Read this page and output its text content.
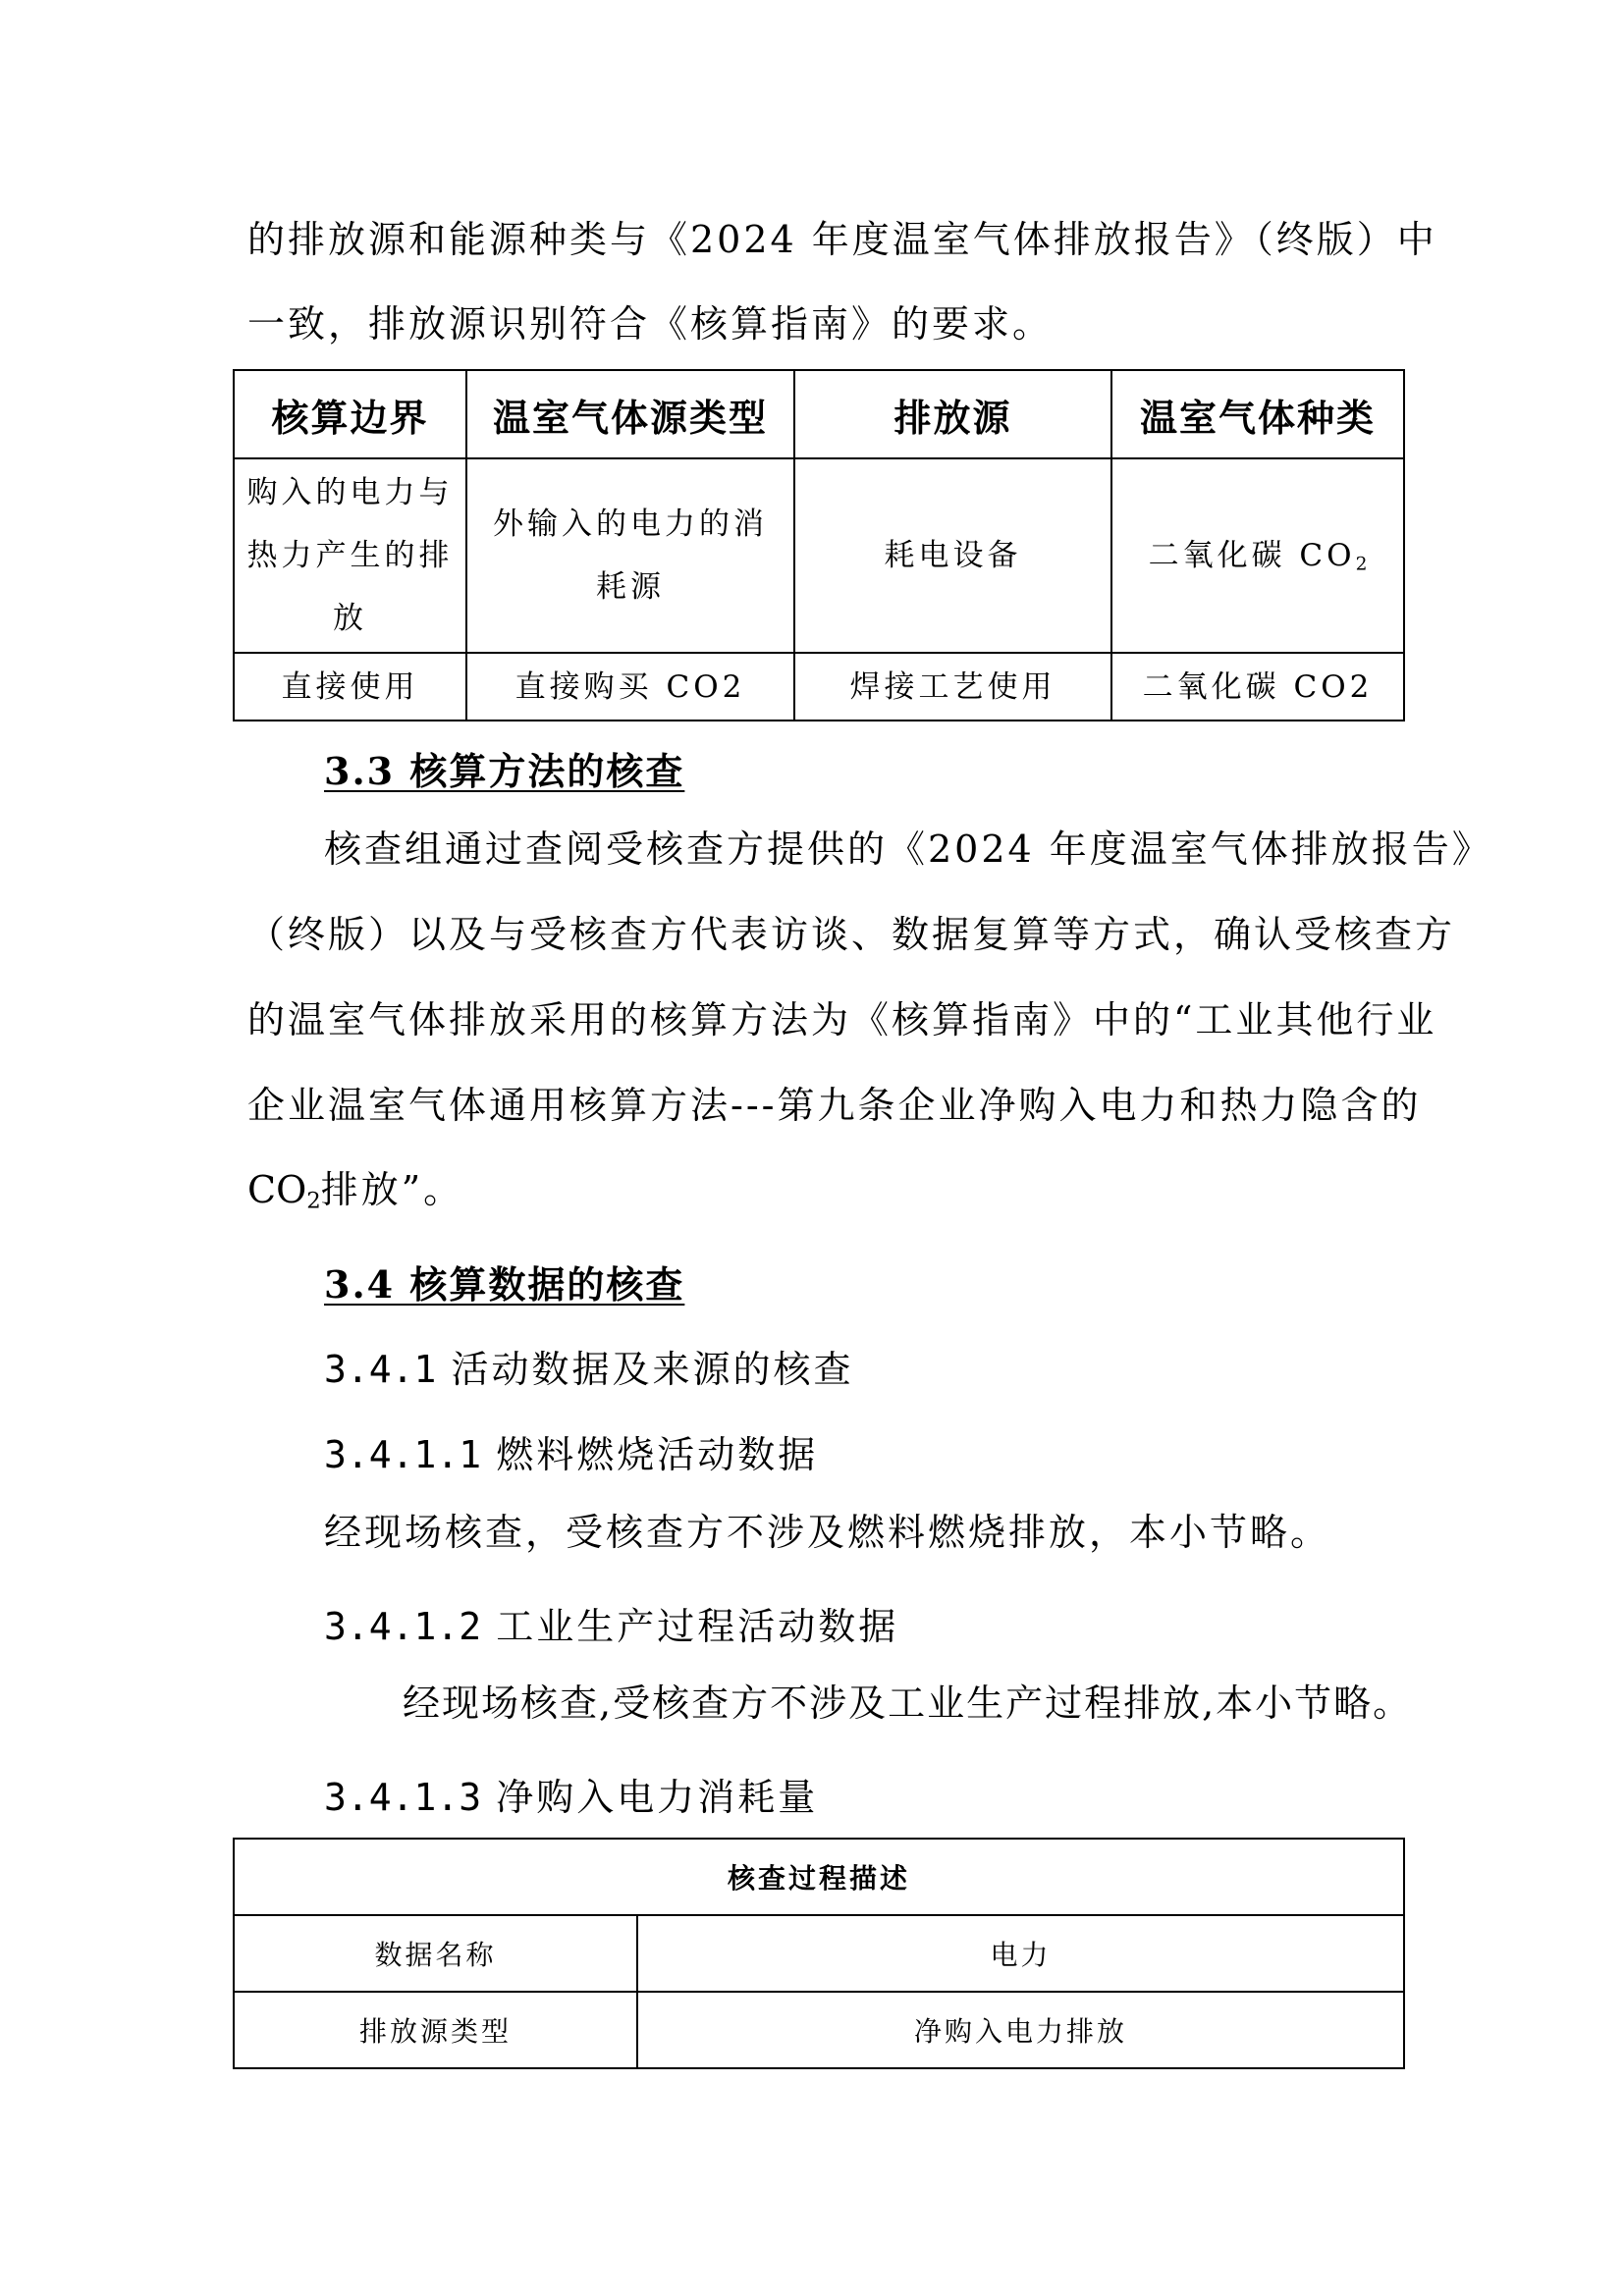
的排放源和能源种类与《2024 年度温室气体排放报告》（终版）中

一致，排放源识别符合《核算指南》的要求。

核算边界	温室气体源类型	排放源	温室气体种类
购入的电力与热力产生的排放	外输入的电力的消耗源	耗电设备	二氧化碳 $CO_2$
直接使用	直接购买 CO2	焊接工艺使用	二氧化碳 CO2

3.3 核算方法的核查

核查组通过查阅受核查方提供的《2024 年度温室气体排放报告》

（终版）以及与受核查方代表访谈、数据复算等方式，确认受核查方

的温室气体排放采用的核算方法为《核算指南》中的“工业其他行业

企业温室气体通用核算方法---第九条企业净购入电力和热力隐含的

$CO_2$排放”。

3.4 核算数据的核查

3.4.1 活动数据及来源的核查

3.4.1.1 燃料燃烧活动数据

经现场核查，受核查方不涉及燃料燃烧排放，本小节略。

3.4.1.2 工业生产过程活动数据

经现场核查,受核查方不涉及工业生产过程排放,本小节略。

3.4.1.3 净购入电力消耗量

核查过程描述	
数据名称	电力
排放源类型	净购入电力排放
